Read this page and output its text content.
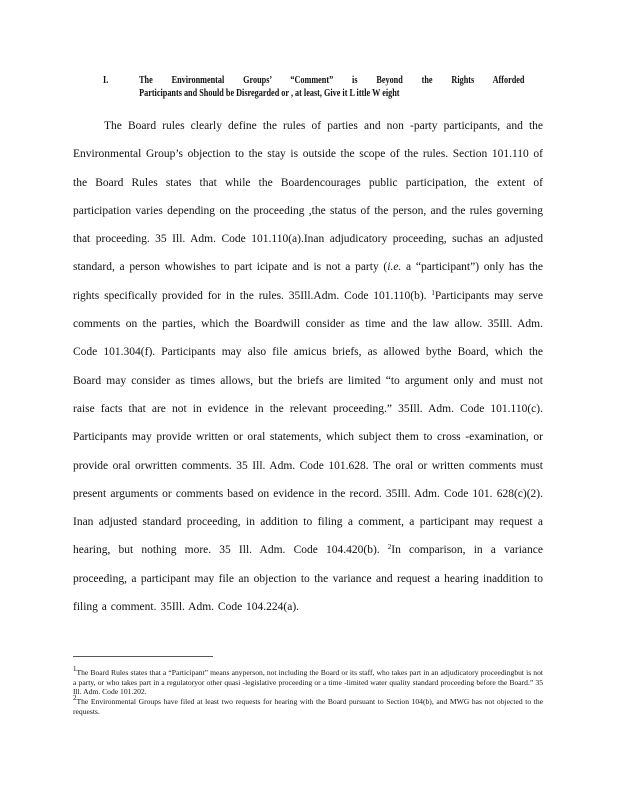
I.	The Environmental Groups’ “Comment” is Beyond the Rights Afforded
Participants and Should be Disregarded or , at least, Give it L ittle W eight

The Board rules clearly define the rules of parties and non -party participants, and the Environmental Group’s objection to the stay is outside the scope of the rules. Section 101.110 of the Board Rules states that while the Boardencourages public participation, the extent of participation varies depending on the proceeding ,the status of the person, and the rules governing that proceeding. 35 Ill. Adm. Code 101.110(a).Inan adjudicatory proceeding, suchas an adjusted standard, a person whowishes to part icipate and is not a party (i.e. a “participant”) only has the rights specifically provided for in the rules. 35Ill.Adm. Code 101.110(b). $^1$Participants may serve comments on the parties, which the Boardwill consider as time and the law allow. 35Ill. Adm. Code 101.304(f). Participants may also file amicus briefs, as allowed bythe Board, which the Board may consider as times allows, but the briefs are limited “to argument only and must not raise facts that are not in evidence in the relevant proceeding.” 35Ill. Adm. Code 101.110(c). Participants may provide written or oral statements, which subject them to cross -examination, or provide oral orwritten comments. 35 Ill. Adm. Code 101.628. The oral or written comments must present arguments or comments based on evidence in the record. 35Ill. Adm. Code 101. 628(c)(2). Inan adjusted standard proceeding, in addition to filing a comment, a participant may request a hearing, but nothing more. 35 Ill. Adm. Code 104.420(b). $^2$In comparison, in a variance proceeding, a participant may file an objection to the variance and request a hearing inaddition to filing a comment. 35Ill. Adm. Code 104.224(a).

$^1$The Board Rules states that a “Participant” means anyperson, not including the Board or its staff, who takes part in an adjudicatory proceedingbut is not a party, or who takes part in a regulatoryor other quasi -legislative proceeding or a time -limited water quality standard proceeding before the Board.” 35 Ill. Adm. Code 101.202.

$^2$The Environmental Groups have filed at least two requests for hearing with the Board pursuant to Section 104(b), and MWG has not objected to the requests.
